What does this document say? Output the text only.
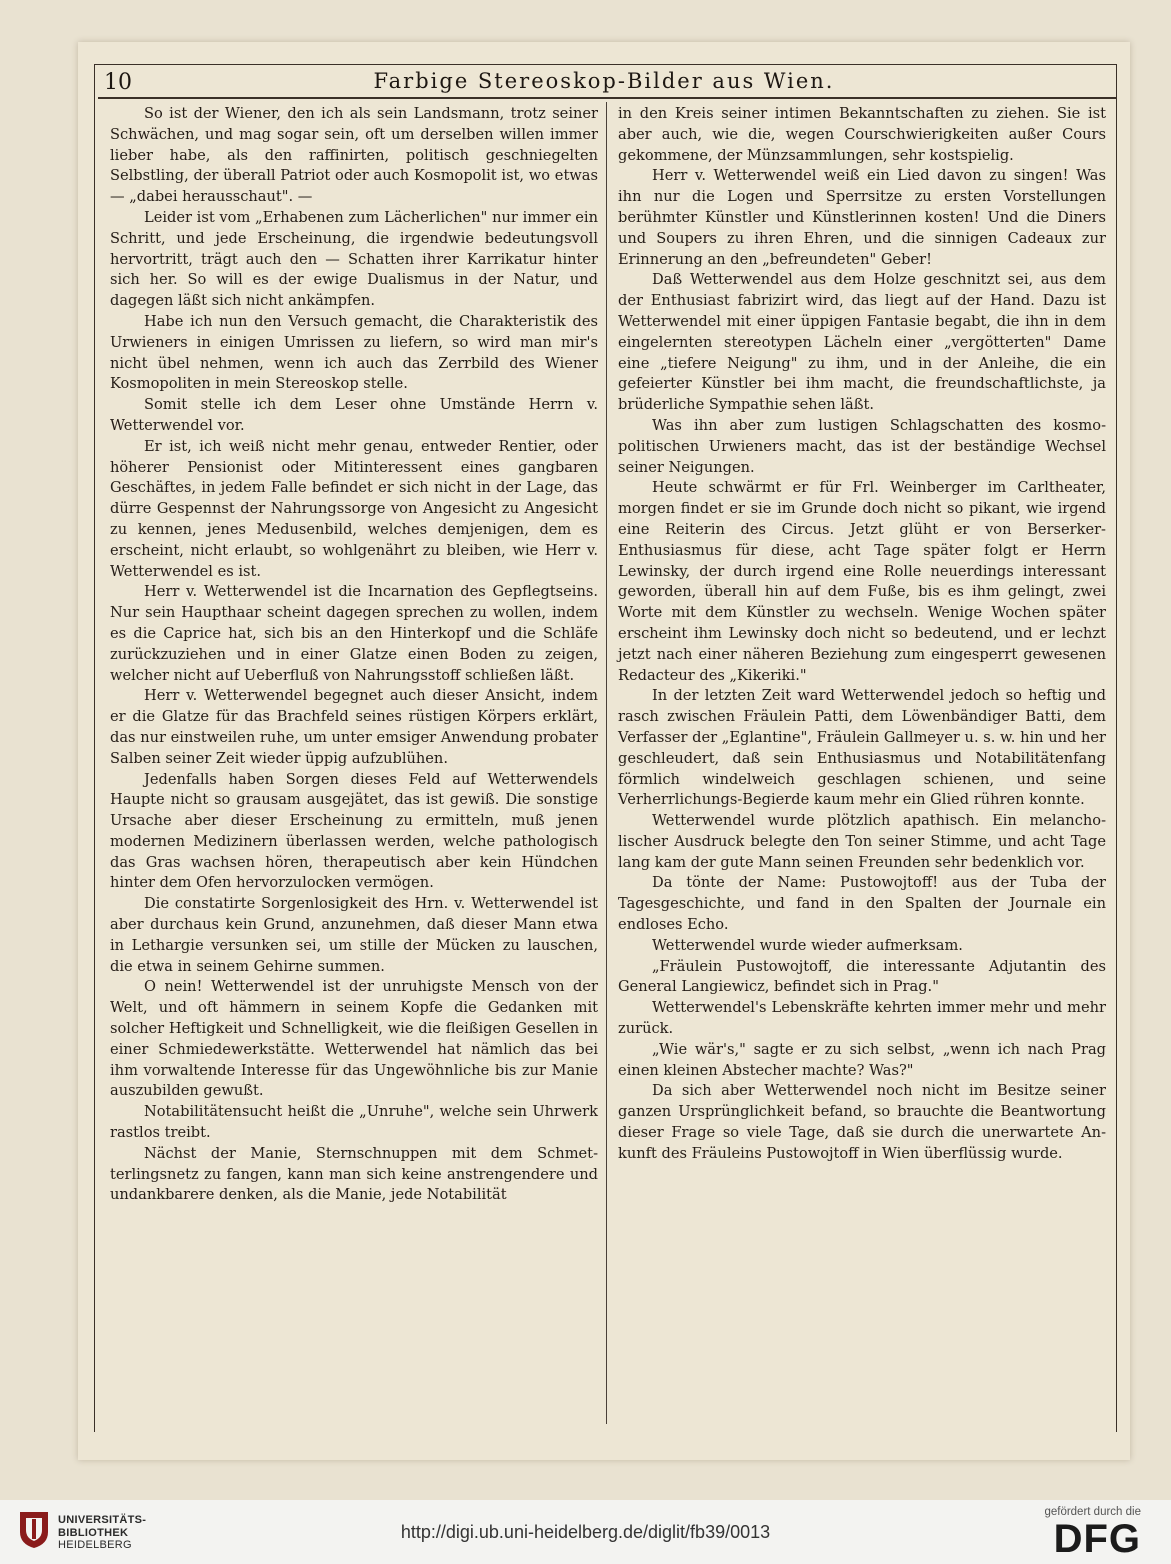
10	Farbige Stereoskop-Bilder aus Wien.

So ist der Wiener, den ich als sein Landsmann, trotz seiner Schwächen, und mag sogar sein, oft um derselben willen immer lieber habe, als den raffinirten, politisch geschniegelten Selbstling, der überall Patriot oder auch Kosmopolit ist, wo etwas — „dabei herausschaut". —

Leider ist vom „Erhabenen zum Lächerlichen" nur immer ein Schritt, und jede Erscheinung, die irgendwie bedeutungsvoll hervortritt, trägt auch den — Schatten ihrer Karrikatur hinter sich her. So will es der ewige Dualismus in der Natur, und dagegen läßt sich nicht ankämpfen.

Habe ich nun den Versuch gemacht, die Charakteristik des Urwieners in einigen Umrissen zu liefern, so wird man mir's nicht übel nehmen, wenn ich auch das Zerrbild des Wiener Kosmopoliten in mein Stereoskop stelle.

Somit stelle ich dem Leser ohne Umstände Herrn v. Wetterwendel vor.

Er ist, ich weiß nicht mehr genau, entweder Rentier, oder höherer Pensionist oder Mitinteressent eines gangbaren Geschäftes, in jedem Falle befindet er sich nicht in der Lage, das dürre Gespennst der Nahrungssorge von Angesicht zu Angesicht zu kennen, jenes Medusenbild, welches demjenigen, dem es erscheint, nicht erlaubt, so wohlgenährt zu bleiben, wie Herr v. Wetterwendel es ist.

Herr v. Wetterwendel ist die Incarnation des Gepflegtseins. Nur sein Haupthaar scheint dagegen sprechen zu wollen, indem es die Caprice hat, sich bis an den Hinterkopf und die Schläfe zurückzuziehen und in einer Glatze einen Boden zu zeigen, welcher nicht auf Ueberfluß von Nahrungsstoff schließen läßt.

Herr v. Wetterwendel begegnet auch dieser Ansicht, indem er die Glatze für das Brachfeld seines rüstigen Körpers erklärt, das nur einstweilen ruhe, um unter emsiger Anwendung probater Salben seiner Zeit wieder üppig aufzublühen.

Jedenfalls haben Sorgen dieses Feld auf Wetterwendels Haupte nicht so grausam ausgejätet, das ist gewiß. Die sonstige Ursache aber dieser Erscheinung zu ermitteln, muß jenen modernen Medizinern überlassen werden, welche pathologisch das Gras wachsen hören, therapeutisch aber kein Hündchen hinter dem Ofen hervorzulocken vermögen.

Die constatirte Sorgenlosigkeit des Hrn. v. Wetterwendel ist aber durchaus kein Grund, anzunehmen, daß dieser Mann etwa in Lethargie versunken sei, um stille der Mücken zu lauschen, die etwa in seinem Gehirne summen.

O nein! Wetterwendel ist der unruhigste Mensch von der Welt, und oft hämmern in seinem Kopfe die Gedanken mit solcher Heftigkeit und Schnelligkeit, wie die fleißigen Gesellen in einer Schmiedewerkstätte. Wetterwendel hat nämlich das bei ihm vorwaltende Interesse für das Ungewöhnliche bis zur Manie auszubilden gewußt.

Notabilitätensucht heißt die „Unruhe", welche sein Uhrwerk rastlos treibt.

Nächst der Manie, Sternschnuppen mit dem Schmetterlingsnetz zu fangen, kann man sich keine anstrengendere und undankbarere denken, als die Manie, jede Notabilität

in den Kreis seiner intimen Bekanntschaften zu ziehen. Sie ist aber auch, wie die, wegen Courschwierigkeiten außer Cours gekommene, der Münzsammlungen, sehr kostspielig.

Herr v. Wetterwendel weiß ein Lied davon zu singen! Was ihn nur die Logen und Sperrsitze zu ersten Vorstellungen berühmter Künstler und Künstlerinnen kosten! Und die Diners und Soupers zu ihren Ehren, und die sinnigen Cadeaux zur Erinnerung an den „befreundeten" Geber!

Daß Wetterwendel aus dem Holze geschnitzt sei, aus dem der Enthusiast fabrizirt wird, das liegt auf der Hand. Dazu ist Wetterwendel mit einer üppigen Fantasie begabt, die ihn in dem eingelernten stereotypen Lächeln einer „vergötterten" Dame eine „tiefere Neigung" zu ihm, und in der Anleihe, die ein gefeierter Künstler bei ihm macht, die freundschaftlichste, ja brüderliche Sympathie sehen läßt.

Was ihn aber zum lustigen Schlagschatten des kosmopolitischen Urwieners macht, das ist der beständige Wechsel seiner Neigungen.

Heute schwärmt er für Frl. Weinberger im Carltheater, morgen findet er sie im Grunde doch nicht so pikant, wie irgend eine Reiterin des Circus. Jetzt glüht er von Berserker-Enthusiasmus für diese, acht Tage später folgt er Herrn Lewinsky, der durch irgend eine Rolle neuerdings interessant geworden, überall hin auf dem Fuße, bis es ihm gelingt, zwei Worte mit dem Künstler zu wechseln. Wenige Wochen später erscheint ihm Lewinsky doch nicht so bedeutend, und er lechzt jetzt nach einer näheren Beziehung zum eingesperrt gewesenen Redacteur des „Kikeriki."

In der letzten Zeit ward Wetterwendel jedoch so heftig und rasch zwischen Fräulein Patti, dem Löwenbändiger Batti, dem Verfasser der „Eglantine", Fräulein Gallmeyer u. s. w. hin und her geschleudert, daß sein Enthusiasmus und Notabilitätenfang förmlich windelweich geschlagen schienen, und seine Verherrlichungs-Begierde kaum mehr ein Glied rühren konnte.

Wetterwendel wurde plötzlich apathisch. Ein melancholischer Ausdruck belegte den Ton seiner Stimme, und acht Tage lang kam der gute Mann seinen Freunden sehr bedenklich vor.

Da tönte der Name: Pustowojtoff! aus der Tuba der Tagesgeschichte, und fand in den Spalten der Journale ein endloses Echo.

Wetterwendel wurde wieder aufmerksam.

„Fräulein Pustowojtoff, die interessante Adjutantin des General Langiewicz, befindet sich in Prag."

Wetterwendel's Lebenskräfte kehrten immer mehr und mehr zurück.

„Wie wär's," sagte er zu sich selbst, „wenn ich nach Prag einen kleinen Abstecher machte? Was?"

Da sich aber Wetterwendel noch nicht im Besitze seiner ganzen Ursprünglichkeit befand, so brauchte die Beantwortung dieser Frage so viele Tage, daß sie durch die unerwartete Ankunft des Fräuleins Pustowojtoff in Wien überflüssig wurde.

UNIVERSITÄTS-
BIBLIOTHEK
HEIDELBERG
http://digi.ub.uni-heidelberg.de/diglit/fb39/0013
gefördert durch die
DFG
